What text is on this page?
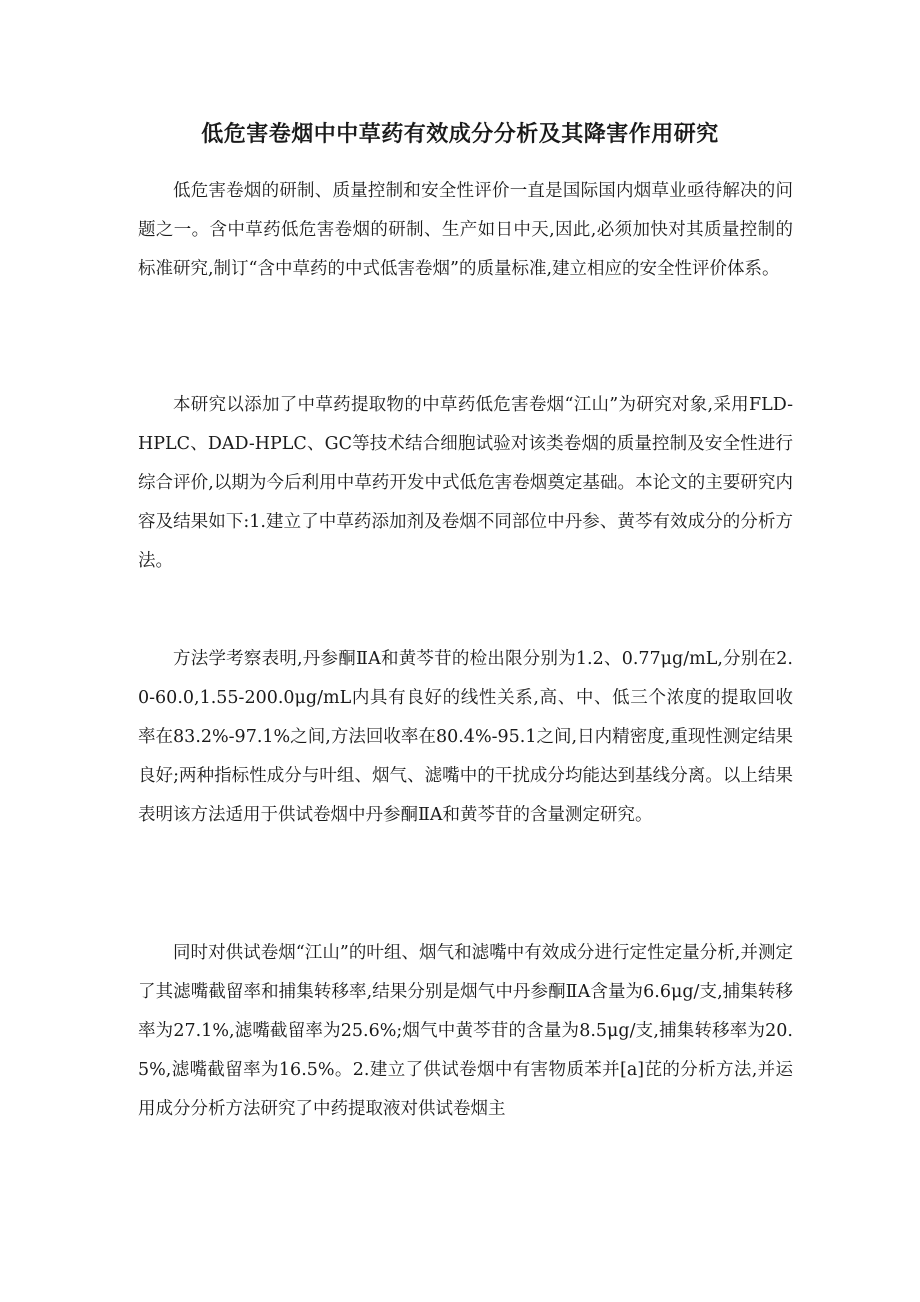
低危害卷烟中中草药有效成分分析及其降害作用研究
低危害卷烟的研制、质量控制和安全性评价一直是国际国内烟草业亟待解决的问题之一。含中草药低危害卷烟的研制、生产如日中天,因此,必须加快对其质量控制的标准研究,制订“含中草药的中式低害卷烟”的质量标准,建立相应的安全性评价体系。
本研究以添加了中草药提取物的中草药低危害卷烟“江山”为研究对象,采用FLD-HPLC、DAD-HPLC、GC等技术结合细胞试验对该类卷烟的质量控制及安全性进行综合评价,以期为今后利用中草药开发中式低危害卷烟奠定基础。本论文的主要研究内容及结果如下:1.建立了中草药添加剂及卷烟不同部位中丹参、黄芩有效成分的分析方法。
方法学考察表明,丹参酮ⅡA和黄芩苷的检出限分别为1.2、0.77μg/mL,分别在2.0-60.0,1.55-200.0μg/mL内具有良好的线性关系,高、中、低三个浓度的提取回收率在83.2%-97.1%之间,方法回收率在80.4%-95.1之间,日内精密度,重现性测定结果良好;两种指标性成分与叶组、烟气、滤嘴中的干扰成分均能达到基线分离。以上结果表明该方法适用于供试卷烟中丹参酮ⅡA和黄芩苷的含量测定研究。
同时对供试卷烟“江山”的叶组、烟气和滤嘴中有效成分进行定性定量分析,并测定了其滤嘴截留率和捕集转移率,结果分别是烟气中丹参酮ⅡA含量为6.6μg/支,捕集转移率为27.1%,滤嘴截留率为25.6%;烟气中黄芩苷的含量为8.5μg/支,捕集转移率为20.5%,滤嘴截留率为16.5%。2.建立了供试卷烟中有害物质苯并[a]芘的分析方法,并运用成分分析方法研究了中药提取液对供试卷烟主
